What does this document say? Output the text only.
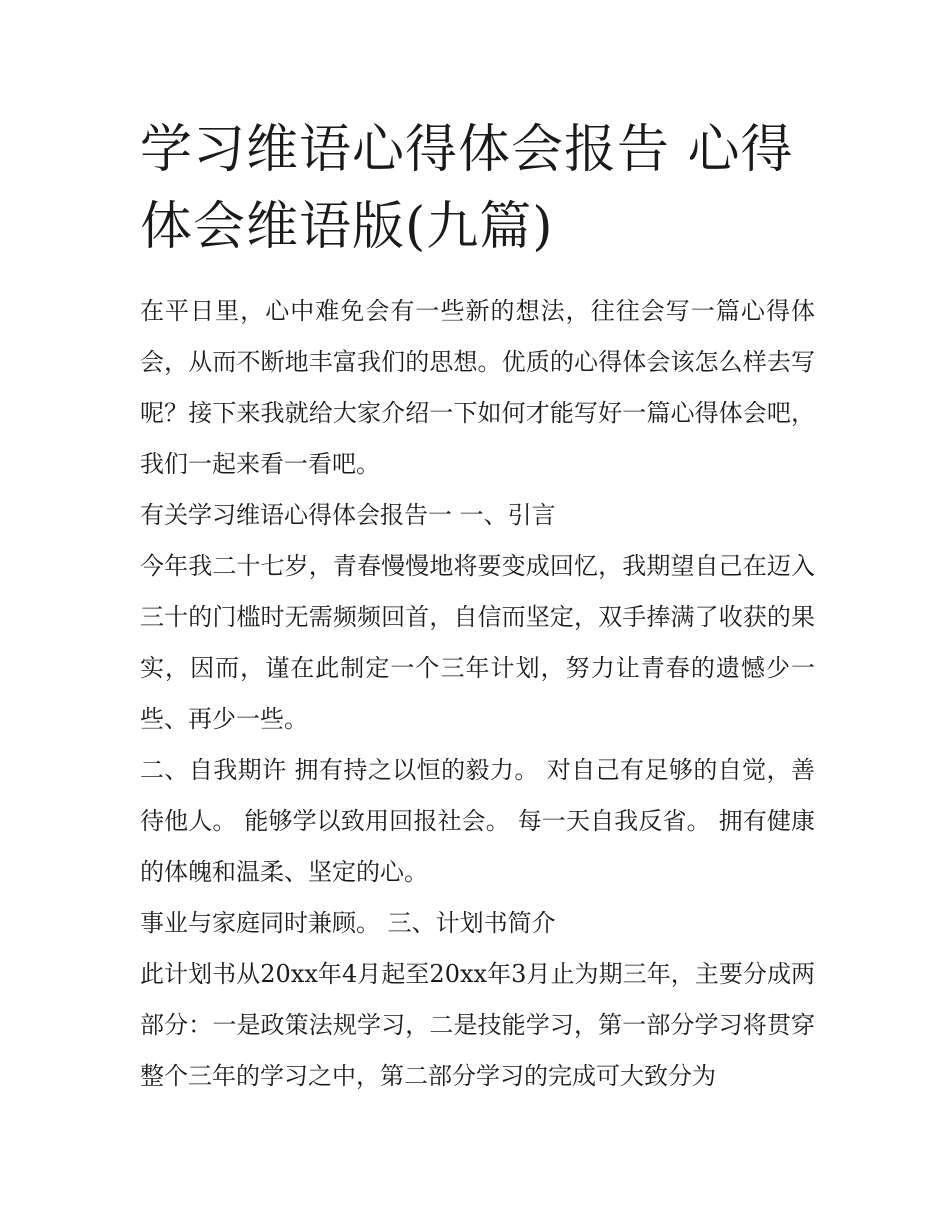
学习维语心得体会报告 心得体会维语版(九篇)

在平日里，心中难免会有一些新的想法，往往会写一篇心得体会，从而不断地丰富我们的思想。优质的心得体会该怎么样去写呢？接下来我就给大家介绍一下如何才能写好一篇心得体会吧，我们一起来看一看吧。

有关学习维语心得体会报告一 一、引言

今年我二十七岁，青春慢慢地将要变成回忆，我期望自己在迈入三十的门槛时无需频频回首，自信而坚定，双手捧满了收获的果实，因而，谨在此制定一个三年计划，努力让青春的遗憾少一些、再少一些。

二、自我期许 拥有持之以恒的毅力。 对自己有足够的自觉，善待他人。 能够学以致用回报社会。 每一天自我反省。 拥有健康的体魄和温柔、坚定的心。

事业与家庭同时兼顾。 三、计划书简介

此计划书从20xx年4月起至20xx年3月止为期三年，主要分成两部分：一是政策法规学习，二是技能学习，第一部分学习将贯穿整个三年的学习之中，第二部分学习的完成可大致分为
